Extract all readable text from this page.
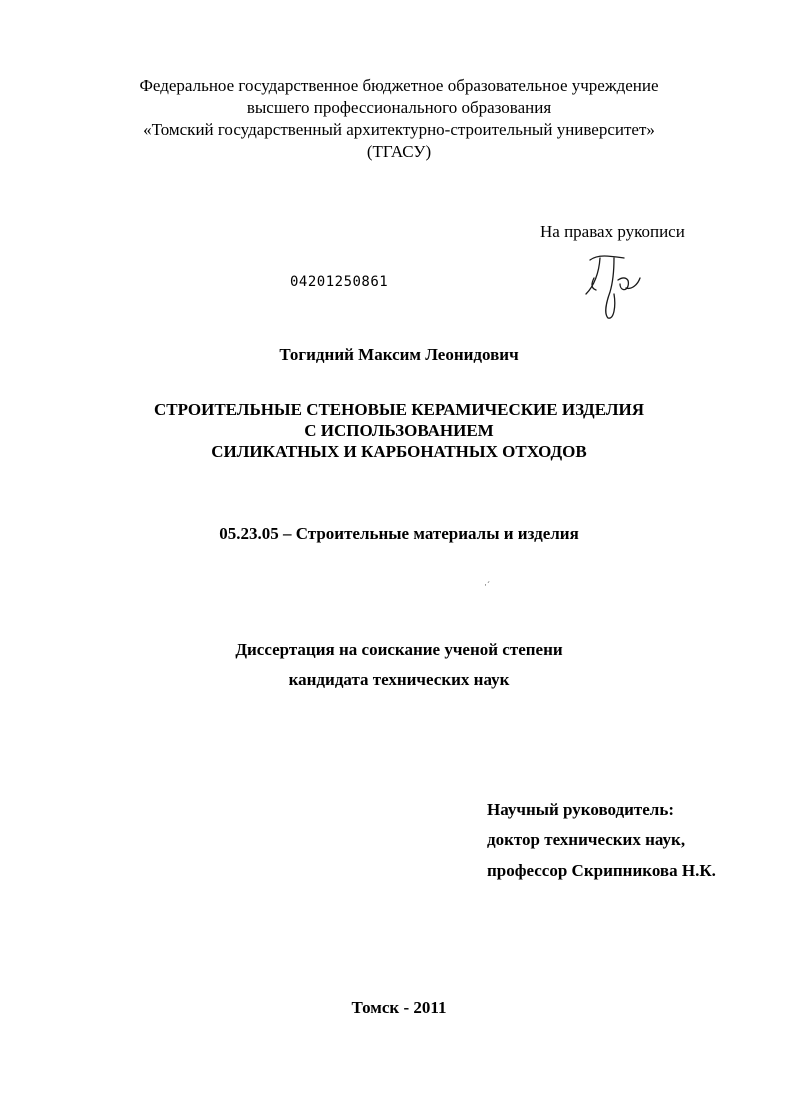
Федеральное государственное бюджетное образовательное учреждение
высшего профессионального образования
«Томский государственный архитектурно-строительный университет»
(ТГАСУ)
На правах рукописи
04201250861
Тогидний Максим Леонидович
СТРОИТЕЛЬНЫЕ СТЕНОВЫЕ КЕРАМИЧЕСКИЕ ИЗДЕЛИЯ
С ИСПОЛЬЗОВАНИЕМ
СИЛИКАТНЫХ И КАРБОНАТНЫХ ОТХОДОВ
05.23.05 – Строительные материалы и изделия
·´
Диссертация на соискание ученой степени
кандидата технических наук
Научный руководитель:
доктор технических наук,
профессор Скрипникова Н.К.
Томск - 2011
